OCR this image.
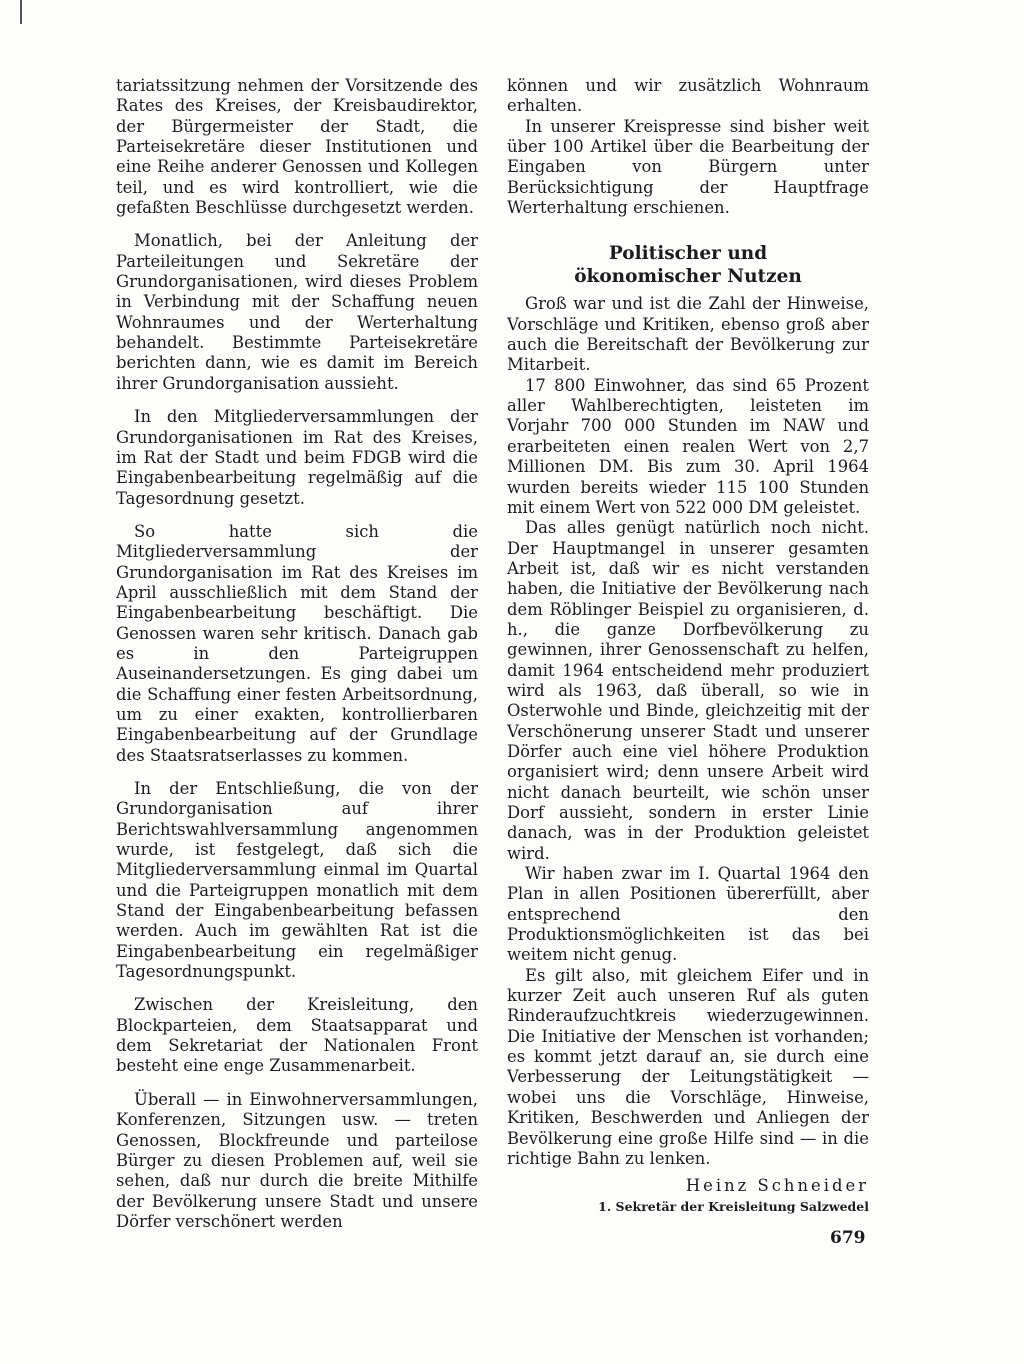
tariatssitzung nehmen der Vorsitzende des Rates des Kreises, der Kreisbaudirektor, der Bürgermeister der Stadt, die Parteisekretäre dieser Institutionen und eine Reihe anderer Genossen und Kollegen teil, und es wird kontrolliert, wie die gefaßten Beschlüsse durchgesetzt werden.

Monatlich, bei der Anleitung der Parteileitungen und Sekretäre der Grundorganisationen, wird dieses Problem in Verbindung mit der Schaffung neuen Wohnraumes und der Werterhaltung behandelt. Bestimmte Parteisekretäre berichten dann, wie es damit im Bereich ihrer Grundorganisation aussieht.

In den Mitgliederversammlungen der Grundorganisationen im Rat des Kreises, im Rat der Stadt und beim FDGB wird die Eingabenbearbeitung regelmäßig auf die Tagesordnung gesetzt.

So hatte sich die Mitgliederversammlung der Grundorganisation im Rat des Kreises im April ausschließlich mit dem Stand der Eingabenbearbeitung beschäftigt. Die Genossen waren sehr kritisch. Danach gab es in den Parteigruppen Auseinandersetzungen. Es ging dabei um die Schaffung einer festen Arbeitsordnung, um zu einer exakten, kontrollierbaren Eingabenbearbeitung auf der Grundlage des Staatsratserlasses zu kommen.

In der Entschließung, die von der Grundorganisation auf ihrer Berichtswahlversammlung angenommen wurde, ist festgelegt, daß sich die Mitgliederversammlung einmal im Quartal und die Parteigruppen monatlich mit dem Stand der Eingabenbearbeitung befassen werden. Auch im gewählten Rat ist die Eingabenbearbeitung ein regelmäßiger Tagesordnungspunkt.

Zwischen der Kreisleitung, den Blockparteien, dem Staatsapparat und dem Sekretariat der Nationalen Front besteht eine enge Zusammenarbeit.

Überall — in Einwohnerversammlungen, Konferenzen, Sitzungen usw. — treten Genossen, Blockfreunde und parteilose Bürger zu diesen Problemen auf, weil sie sehen, daß nur durch die breite Mithilfe der Bevölkerung unsere Stadt und unsere Dörfer verschönert werden

können und wir zusätzlich Wohnraum erhalten.

In unserer Kreispresse sind bisher weit über 100 Artikel über die Bearbeitung der Eingaben von Bürgern unter Berücksichtigung der Hauptfrage Werterhaltung erschienen.

Politischer und
ökonomischer Nutzen

Groß war und ist die Zahl der Hinweise, Vorschläge und Kritiken, ebenso groß aber auch die Bereitschaft der Bevölkerung zur Mitarbeit.

17 800 Einwohner, das sind 65 Prozent aller Wahlberechtigten, leisteten im Vorjahr 700 000 Stunden im NAW und erarbeiteten einen realen Wert von 2,7 Millionen DM. Bis zum 30. April 1964 wurden bereits wieder 115 100 Stunden mit einem Wert von 522 000 DM geleistet.

Das alles genügt natürlich noch nicht. Der Hauptmangel in unserer gesamten Arbeit ist, daß wir es nicht verstanden haben, die Initiative der Bevölkerung nach dem Röblinger Beispiel zu organisieren, d. h., die ganze Dorfbevölkerung zu gewinnen, ihrer Genossenschaft zu helfen, damit 1964 entscheidend mehr produziert wird als 1963, daß überall, so wie in Osterwohle und Binde, gleichzeitig mit der Verschönerung unserer Stadt und unserer Dörfer auch eine viel höhere Produktion organisiert wird; denn unsere Arbeit wird nicht danach beurteilt, wie schön unser Dorf aussieht, sondern in erster Linie danach, was in der Produktion geleistet wird.

Wir haben zwar im I. Quartal 1964 den Plan in allen Positionen übererfüllt, aber entsprechend den Produktionsmöglichkeiten ist das bei weitem nicht genug.

Es gilt also, mit gleichem Eifer und in kurzer Zeit auch unseren Ruf als guten Rinderaufzuchtkreis wiederzugewinnen. Die Initiative der Menschen ist vorhanden; es kommt jetzt darauf an, sie durch eine Verbesserung der Leitungstätigkeit — wobei uns die Vorschläge, Hinweise, Kritiken, Beschwerden und Anliegen der Bevölkerung eine große Hilfe sind — in die richtige Bahn zu lenken.

Heinz Schneider
1. Sekretär der Kreisleitung Salzwedel
679
